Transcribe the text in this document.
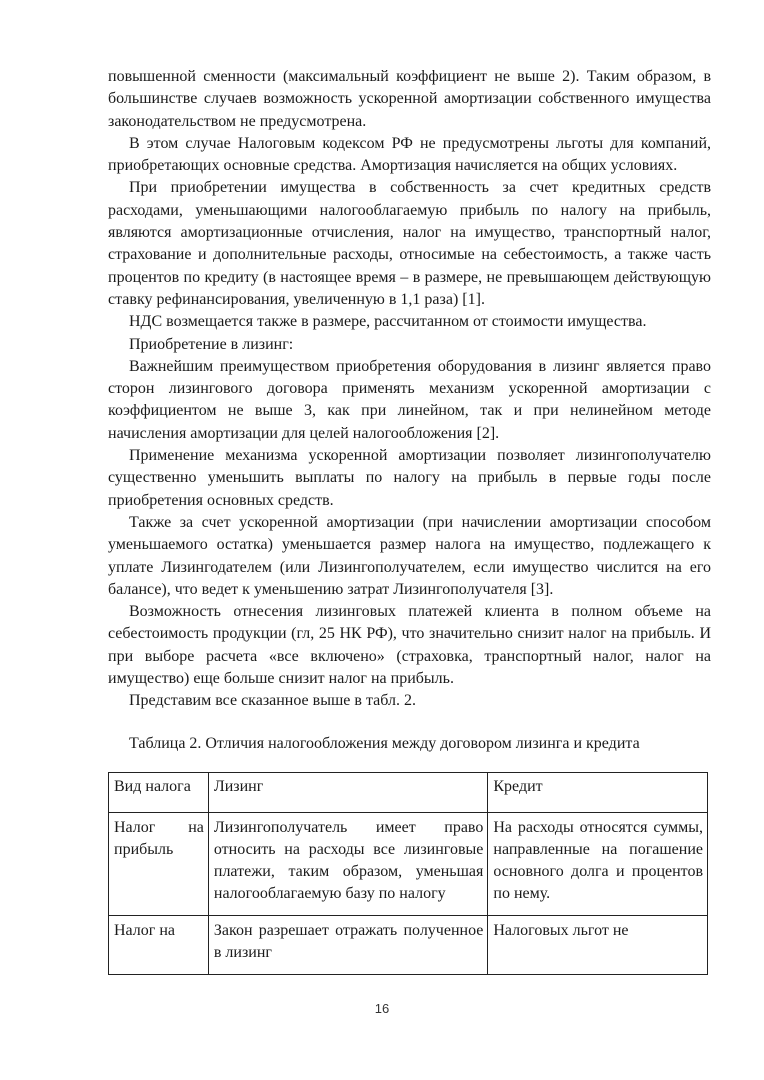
повышенной сменности (максимальный коэффициент не выше 2). Таким образом, в большинстве случаев возможность ускоренной амортизации собственного имущества законодательством не предусмотрена.

В этом случае Налоговым кодексом РФ не предусмотрены льготы для компаний, приобретающих основные средства. Амортизация начисляется на общих условиях.

При приобретении имущества в собственность за счет кредитных средств расходами, уменьшающими налогооблагаемую прибыль по налогу на прибыль, являются амортизационные отчисления, налог на имущество, транспортный налог, страхование и дополнительные расходы, относимые на себестоимость, а также часть процентов по кредиту (в настоящее время – в размере, не превышающем действующую ставку рефинансирования, увеличенную в 1,1 раза) [1].

НДС возмещается также в размере, рассчитанном от стоимости имущества.

Приобретение в лизинг:

Важнейшим преимуществом приобретения оборудования в лизинг является право сторон лизингового договора применять механизм ускоренной амортизации с коэффициентом не выше 3, как при линейном, так и при нелинейном методе начисления амортизации для целей налогообложения [2].

Применение механизма ускоренной амортизации позволяет лизингополучателю существенно уменьшить выплаты по налогу на прибыль в первые годы после приобретения основных средств.

Также за счет ускоренной амортизации (при начислении амортизации способом уменьшаемого остатка) уменьшается размер налога на имущество, подлежащего к уплате Лизингодателем (или Лизингополучателем, если имущество числится на его балансе), что ведет к уменьшению затрат Лизингополучателя [3].

Возможность отнесения лизинговых платежей клиента в полном объеме на себестоимость продукции (гл, 25 НК РФ), что значительно снизит налог на прибыль. И при выборе расчета «все включено» (страховка, транспортный налог, налог на имущество) еще больше снизит налог на прибыль.

Представим все сказанное выше в табл. 2.

Таблица 2. Отличия налогообложения между договором лизинга и кредита

Вид налога	Лизинг	Кредит
Налог на прибыль	Лизингополучатель имеет право относить на расходы все лизинговые платежи, таким образом, уменьшая налогооблагаемую базу по налогу	На расходы относятся суммы, направленные на погашение основного долга и процентов по нему.

Налог на	Закон разрешает отражать полученное в лизинг	Налоговых льгот не
16
